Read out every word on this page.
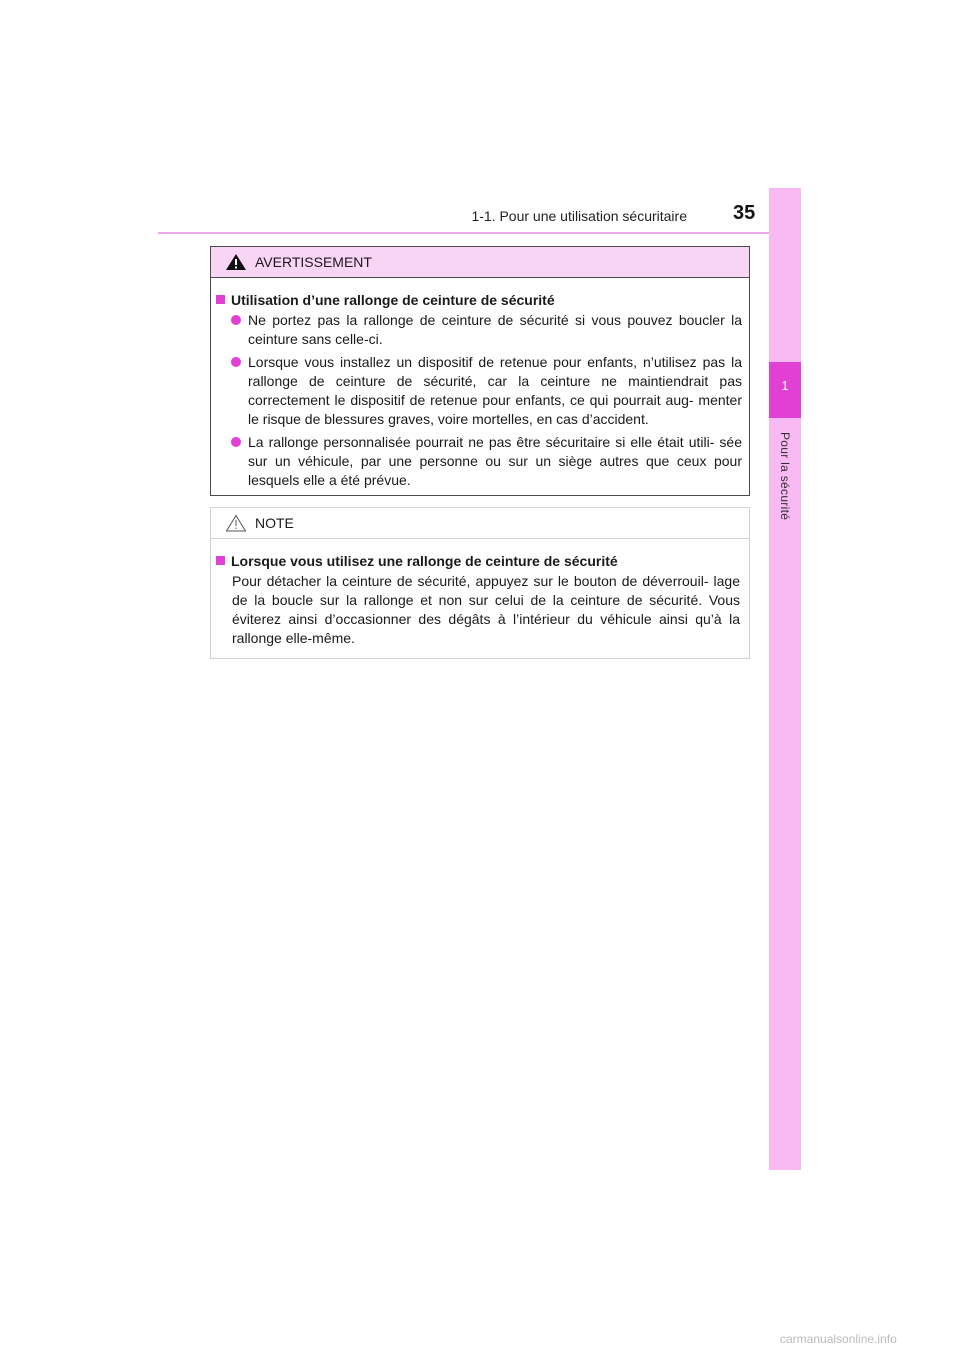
1-1. Pour une utilisation sécuritaire 35
1
Pour la sécurité
AVERTISSEMENT
Utilisation d’une rallonge de ceinture de sécurité
Ne portez pas la rallonge de ceinture de sécurité si vous pouvez boucler la ceinture sans celle-ci.
Lorsque vous installez un dispositif de retenue pour enfants, n’utilisez pas la rallonge de ceinture de sécurité, car la ceinture ne maintiendrait pas correctement le dispositif de retenue pour enfants, ce qui pourrait aug- menter le risque de blessures graves, voire mortelles, en cas d’accident.
La rallonge personnalisée pourrait ne pas être sécuritaire si elle était utili- sée sur un véhicule, par une personne ou sur un siège autres que ceux pour lesquels elle a été prévue.
NOTE
Lorsque vous utilisez une rallonge de ceinture de sécurité
Pour détacher la ceinture de sécurité, appuyez sur le bouton de déverrouil- lage de la boucle sur la rallonge et non sur celui de la ceinture de sécurité. Vous éviterez ainsi d’occasionner des dégâts à l’intérieur du véhicule ainsi qu’à la rallonge elle-même.
carmanualsonline.info
